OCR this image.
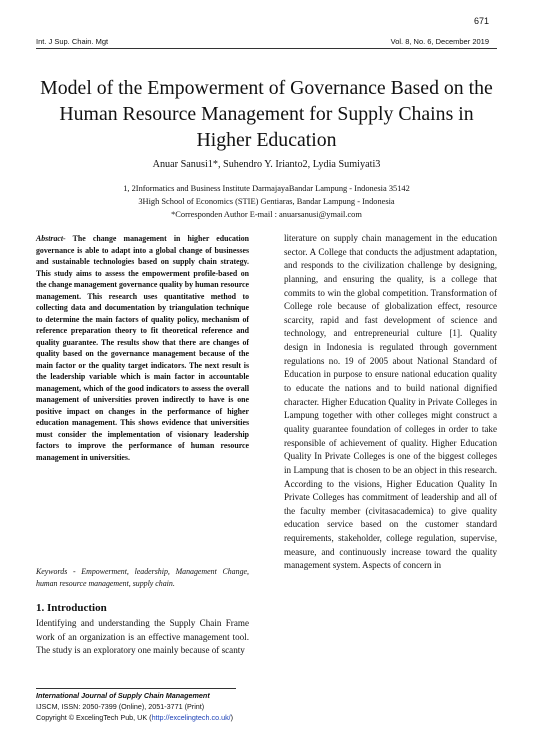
671
Int. J Sup. Chain. Mgt	Vol. 8, No. 6, December 2019
Model of the Empowerment of Governance Based on the Human Resource Management for Supply Chains in Higher Education
Anuar Sanusi1*, Suhendro Y. Irianto2, Lydia Sumiyati3
1, 2Informatics and Business Institute DarmajayaBandar Lampung - Indonesia 35142
3High School of Economics (STIE) Gentiaras, Bandar Lampung - Indonesia
*Corresponden Author E-mail : anuarsanusi@ymail.com
Abstract- The change management in higher education governance is able to adapt into a global change of businesses and sustainable technologies based on supply chain strategy. This study aims to assess the empowerment profile-based on the change management governance quality by human resource management. This research uses quantitative method to collecting data and documentation by triangulation technique to determine the main factors of quality policy, mechanism of reference preparation theory to fit theoretical reference and quality guarantee. The results show that there are changes of quality based on the governance management because of the main factor or the quality target indicators. The next result is the leadership variable which is main factor in accountable management, which of the good indicators to assess the overall management of universities proven indirectly to have is one positive impact on changes in the performance of higher education management. This shows evidence that universities must consider the implementation of visionary leadership factors to improve the performance of human resource management in universities.
Keywords - Empowerment, leadership, Management Change, human resource management, supply chain.
1. Introduction
Identifying and understanding the Supply Chain Frame work of an organization is an effective management tool. The study is an exploratory one mainly because of scanty
literature on supply chain management in the education sector. A College that conducts the adjustment adaptation, and responds to the civilization challenge by designing, planning, and ensuring the quality, is a college that commits to win the global competition. Transformation of College role because of globalization effect, resource scarcity, rapid and fast development of science and technology, and entrepreneurial culture [1]. Quality design in Indonesia is regulated through government regulations no. 19 of 2005 about National Standard of Education in purpose to ensure national education quality to educate the nations and to build national dignified character. Higher Education Quality in Private Colleges in Lampung together with other colleges might construct a quality guarantee foundation of colleges in order to take responsible of achievement of quality. Higher Education Quality In Private Colleges is one of the biggest colleges in Lampung that is chosen to be an object in this research. According to the visions, Higher Education Quality In Private Colleges has commitment of leadership and all of the faculty member (civitasacademica) to give quality education service based on the customer standard requirements, stakeholder, college regulation, supervise, measure, and continuously increase toward the quality management system. Aspects of concern in
International Journal of Supply Chain Management
IJSCM, ISSN: 2050-7399 (Online), 2051-3771 (Print)
Copyright © ExcelingTech Pub, UK (http://excelingtech.co.uk/)
